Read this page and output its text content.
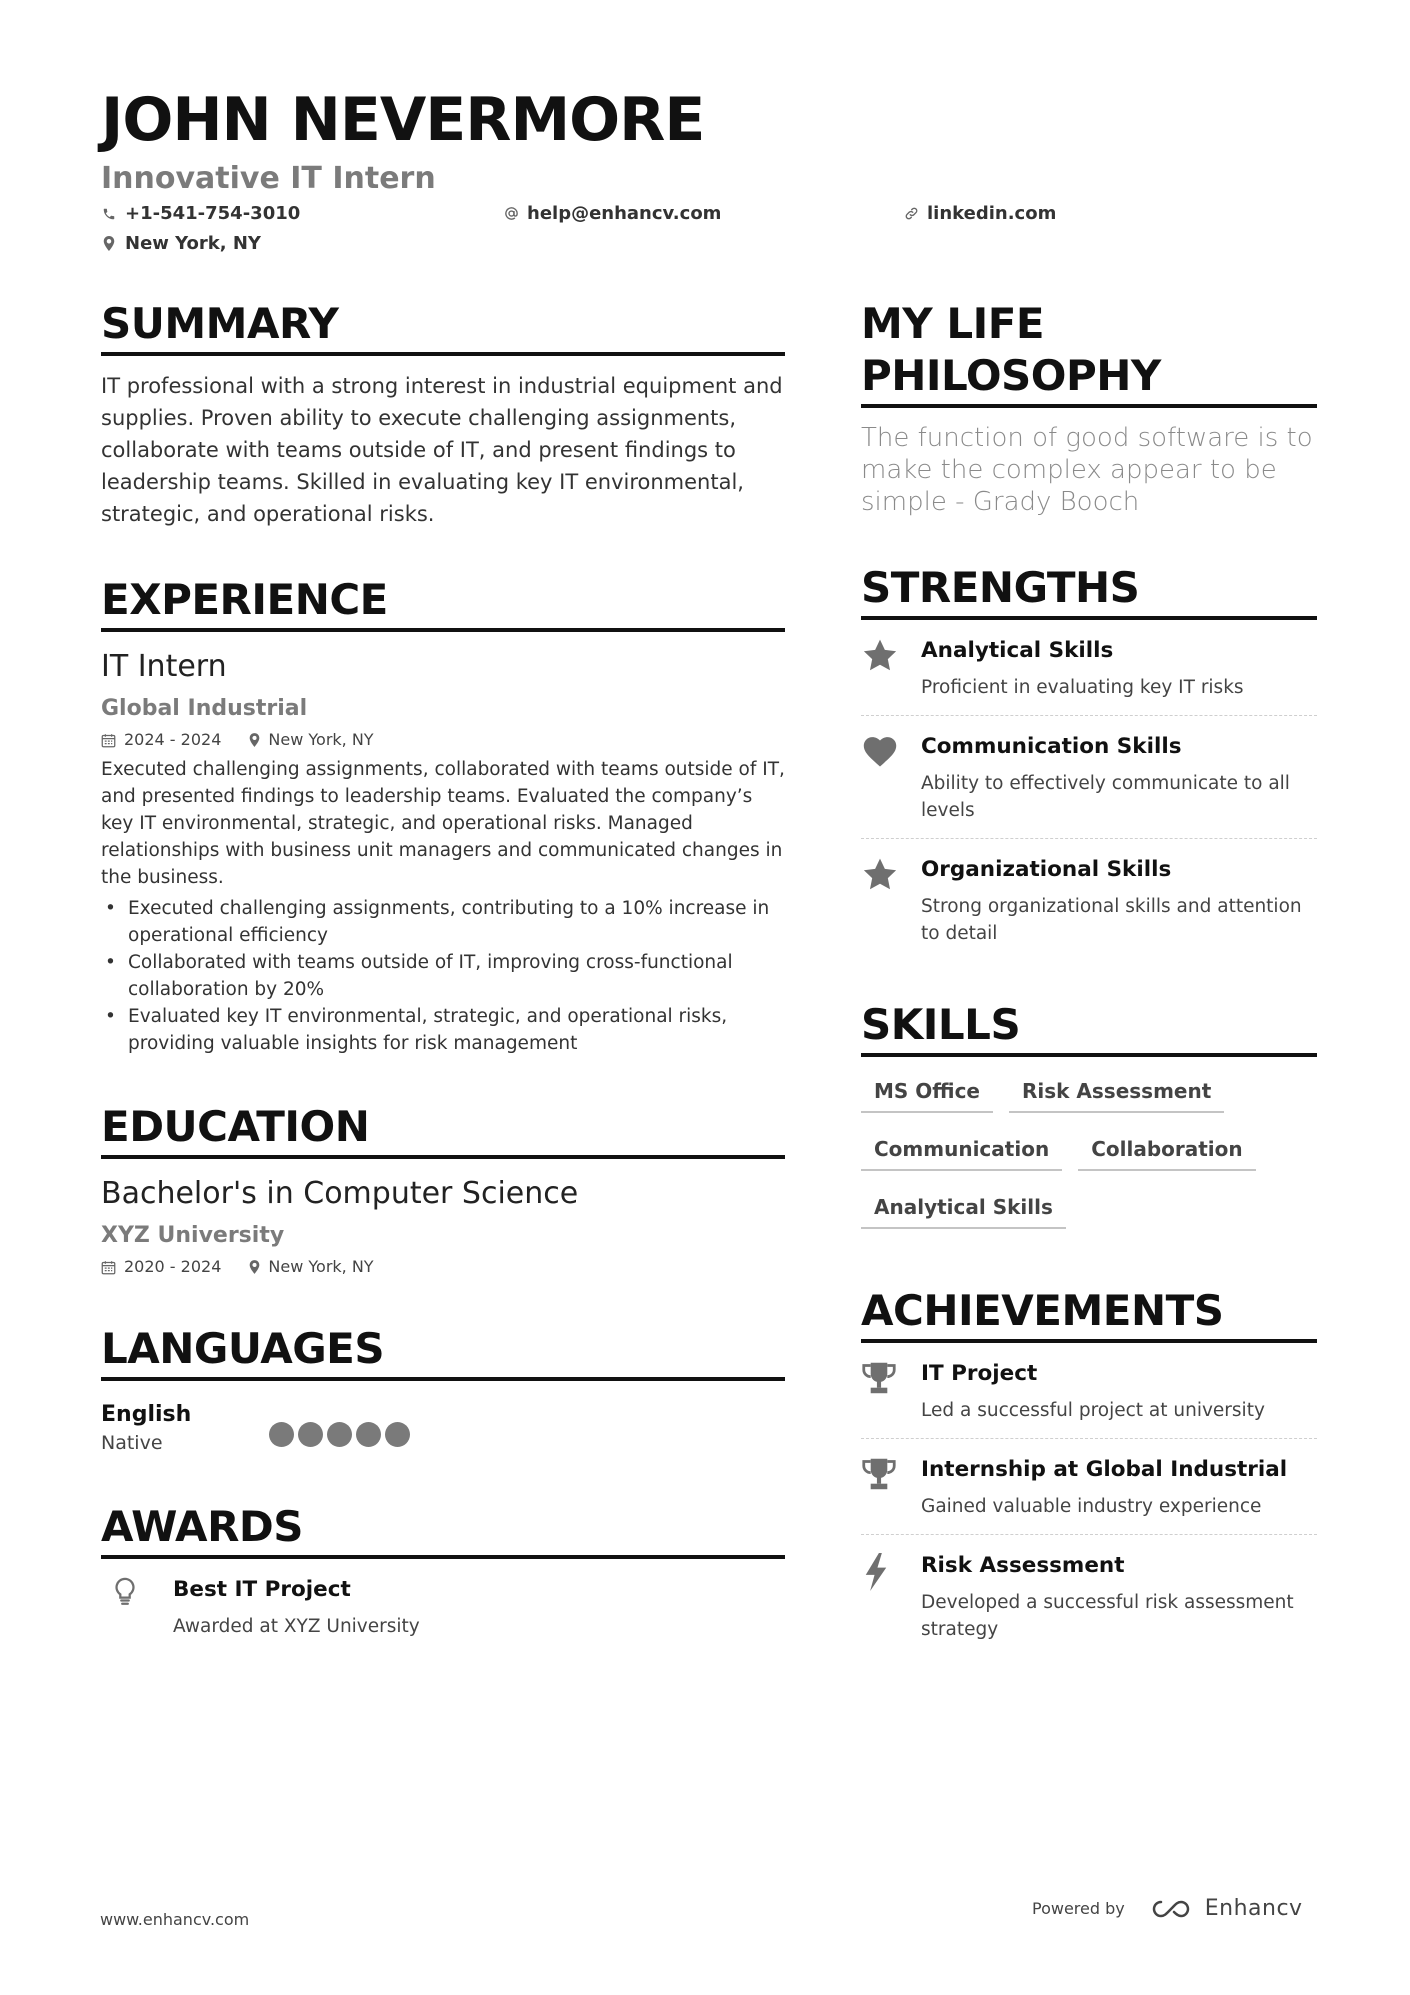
JOHN NEVERMORE
Innovative IT Intern
+1-541-754-3010	help@enhancv.com	linkedin.com
New York, NY
SUMMARY
IT professional with a strong interest in industrial equipment and supplies. Proven ability to execute challenging assignments, collaborate with teams outside of IT, and present findings to leadership teams. Skilled in evaluating key IT environmental, strategic, and operational risks.
EXPERIENCE
IT Intern
Global Industrial
2024 - 2024	New York, NY
Executed challenging assignments, collaborated with teams outside of IT, and presented findings to leadership teams. Evaluated the company’s key IT environmental, strategic, and operational risks. Managed relationships with business unit managers and communicated changes in the business.
• Executed challenging assignments, contributing to a 10% increase in operational efficiency
• Collaborated with teams outside of IT, improving cross-functional collaboration by 20%
• Evaluated key IT environmental, strategic, and operational risks, providing valuable insights for risk management
EDUCATION
Bachelor's in Computer Science
XYZ University
2020 - 2024	New York, NY
LANGUAGES
English
Native
AWARDS
Best IT Project
Awarded at XYZ University
MY LIFE PHILOSOPHY
The function of good software is to make the complex appear to be simple - Grady Booch
STRENGTHS
Analytical Skills
Proficient in evaluating key IT risks
Communication Skills
Ability to effectively communicate to all levels
Organizational Skills
Strong organizational skills and attention to detail
SKILLS
MS Office	Risk Assessment
Communication	Collaboration
Analytical Skills
ACHIEVEMENTS
IT Project
Led a successful project at university
Internship at Global Industrial
Gained valuable industry experience
Risk Assessment
Developed a successful risk assessment strategy
www.enhancv.com
Powered by	Enhancv
